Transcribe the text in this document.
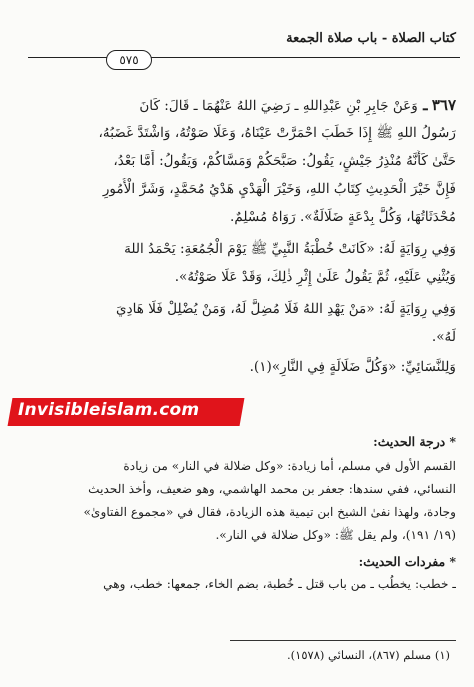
كتاب الصلاة - باب صلاة الجمعة
٥٧٥
٣٦٧ ـ وَعَنْ جَابِرِ بْنِ عَبْدِاللهِ ـ رَضِيَ اللهُ عَنْهُمَا ـ قَالَ: كَانَ
رَسُولُ اللهِ ﷺ إِذَا خَطَبَ احْمَرَّتْ عَيْنَاهُ، وَعَلَا صَوْتُهُ، وَاشْتَدَّ غَضَبُهُ،
حَتَّىٰ كَأَنَّهُ مُنْذِرُ جَيْشٍ، يَقُولُ: صَبَّحَكُمْ وَمَسَّاكُمْ، وَيَقُولُ: أَمَّا بَعْدُ،
فَإِنَّ خَيْرَ الْحَدِيثِ كِتَابُ اللهِ، وَخَيْرَ الْهَدْيِ هَدْيُ مُحَمَّدٍ، وَشَرَّ الْأُمُورِ
مُحْدَثَاتُهَا، وَكُلَّ بِدْعَةٍ ضَلَالَةٌ». رَوَاهُ مُسْلِمٌ.
وَفِي رِوَايَةٍ لَهُ: «كَانَتْ خُطْبَةُ النَّبِيِّ ﷺ يَوْمَ الْجُمُعَةِ: يَحْمَدُ اللهَ
وَيُثْنِي عَلَيْهِ، ثُمَّ يَقُولُ عَلَىٰ إِثْرِ ذٰلِكَ، وَقَدْ عَلَا صَوْتُهُ».
وَفِي رِوَايَةٍ لَهُ: «مَنْ يَهْدِ اللهُ فَلَا مُضِلَّ لَهُ، وَمَنْ يُضْلِلْ فَلَا هَادِيَ
لَهُ».
وَلِلنَّسَائِيِّ: «وَكُلَّ ضَلَالَةٍ فِي النَّارِ»(١).
Invisibleislam.com
* درجة الحديث:
القسم الأول في مسلم، أما زيادة: «وكل ضلالة في النار» من زيادة
النسائي، ففي سندها: جعفر بن محمد الهاشمي، وهو ضعيف، وأخذ الحديث
وجادة، ولهذا نفىٰ الشيخ ابن تيمية هذه الزيادة، فقال في «مجموع الفتاوىٰ»
(١٩/ ١٩١)، ولم يقل ﷺ: «وكل ضلالة في النار».
* مفردات الحديث:
ـ خطب: يخطُب ـ من باب قتل ـ خُطبة، بضم الخاء، جمعها: خطب، وهي
(١) مسلم (٨٦٧)، النسائي (١٥٧٨).
